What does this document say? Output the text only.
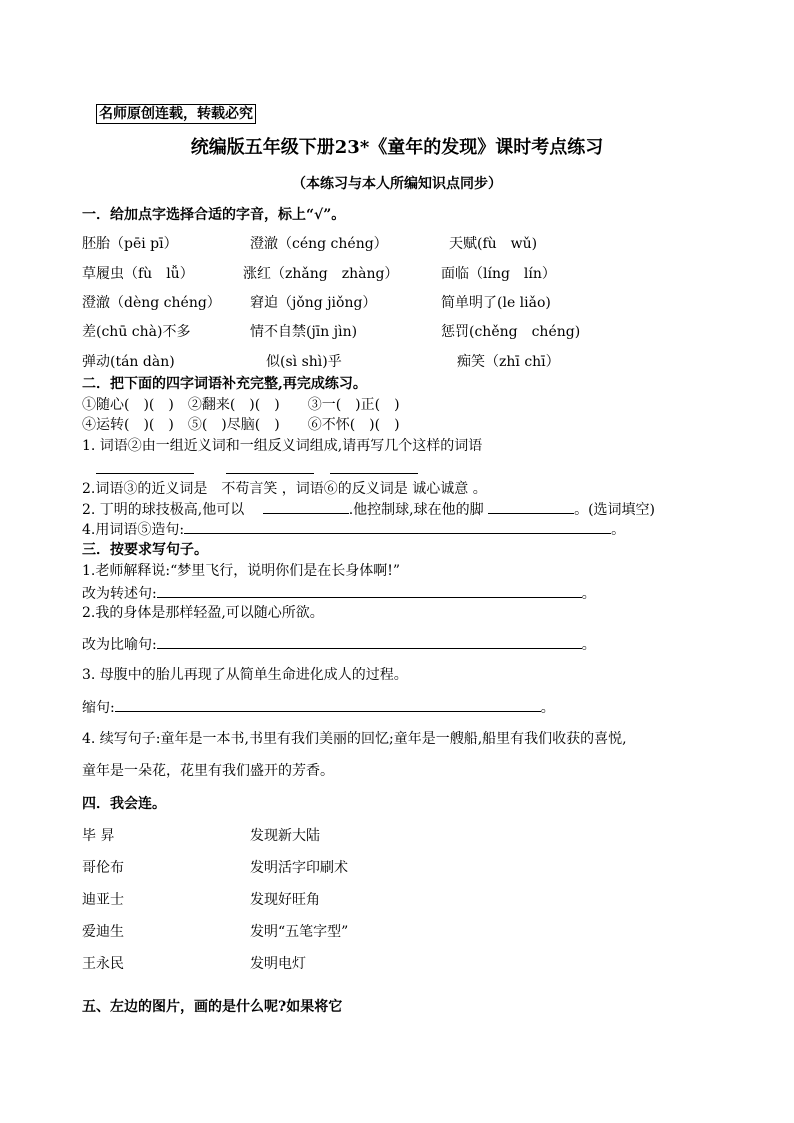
名师原创连载，转载必究
统编版五年级下册23*《童年的发现》课时考点练习
（本练习与本人所编知识点同步）
一．给加点字选择合适的字音，标上“√”。
胚胎（pēi pī）	澄澈（céng chéng）	天赋(fù　wǔ)
草履虫（fù　lǚ）	涨红（zhǎng　zhàng）	面临（líng　lín）
澄澈（dèng chéng） 窘迫（jǒng jiǒng）	简单明了(le liǎo)
差(chū chà)不多	情不自禁(jīn jìn)	惩罚(chěng　chéng)
弹动(tán dàn)	似(sì shì)乎	痴笑（zhī chī）
二．把下面的四字词语补充完整,再完成练习。
①随心(　)(　)　②翻来(　)(　)　　③一(　)正(　)
④运转(　)(　)　⑤(　)尽脑(　)　　⑥不怀(　)(　)
1. 词语②由一组近义词和一组反义词组成,请再写几个这样的词语
2.词语③的近义词是　不苟言笑 ，词语⑥的反义词是 诚心诚意 。
2. 丁明的球技极高,他可以	.他控制球,球在他的脚	。(选词填空)
4.用词语⑤造句:	。
三．按要求写句子。
1.老师解释说:“梦里飞行，说明你们是在长身体啊!”
改为转述句:	。
2.我的身体是那样轻盈,可以随心所欲。
改为比喻句:	。
3. 母腹中的胎儿再现了从简单生命进化成人的过程。
缩句:	。
4. 续写句子:童年是一本书,书里有我们美丽的回忆;童年是一艘船,船里有我们收获的喜悦,
童年是一朵花，花里有我们盛开的芳香。
四．我会连。
毕 昇	发现新大陆
哥伦布	发明活字印刷术
迪亚士	发现好旺角
爱迪生	发明“五笔字型”
王永民	发明电灯
五、左边的图片，画的是什么呢?如果将它
